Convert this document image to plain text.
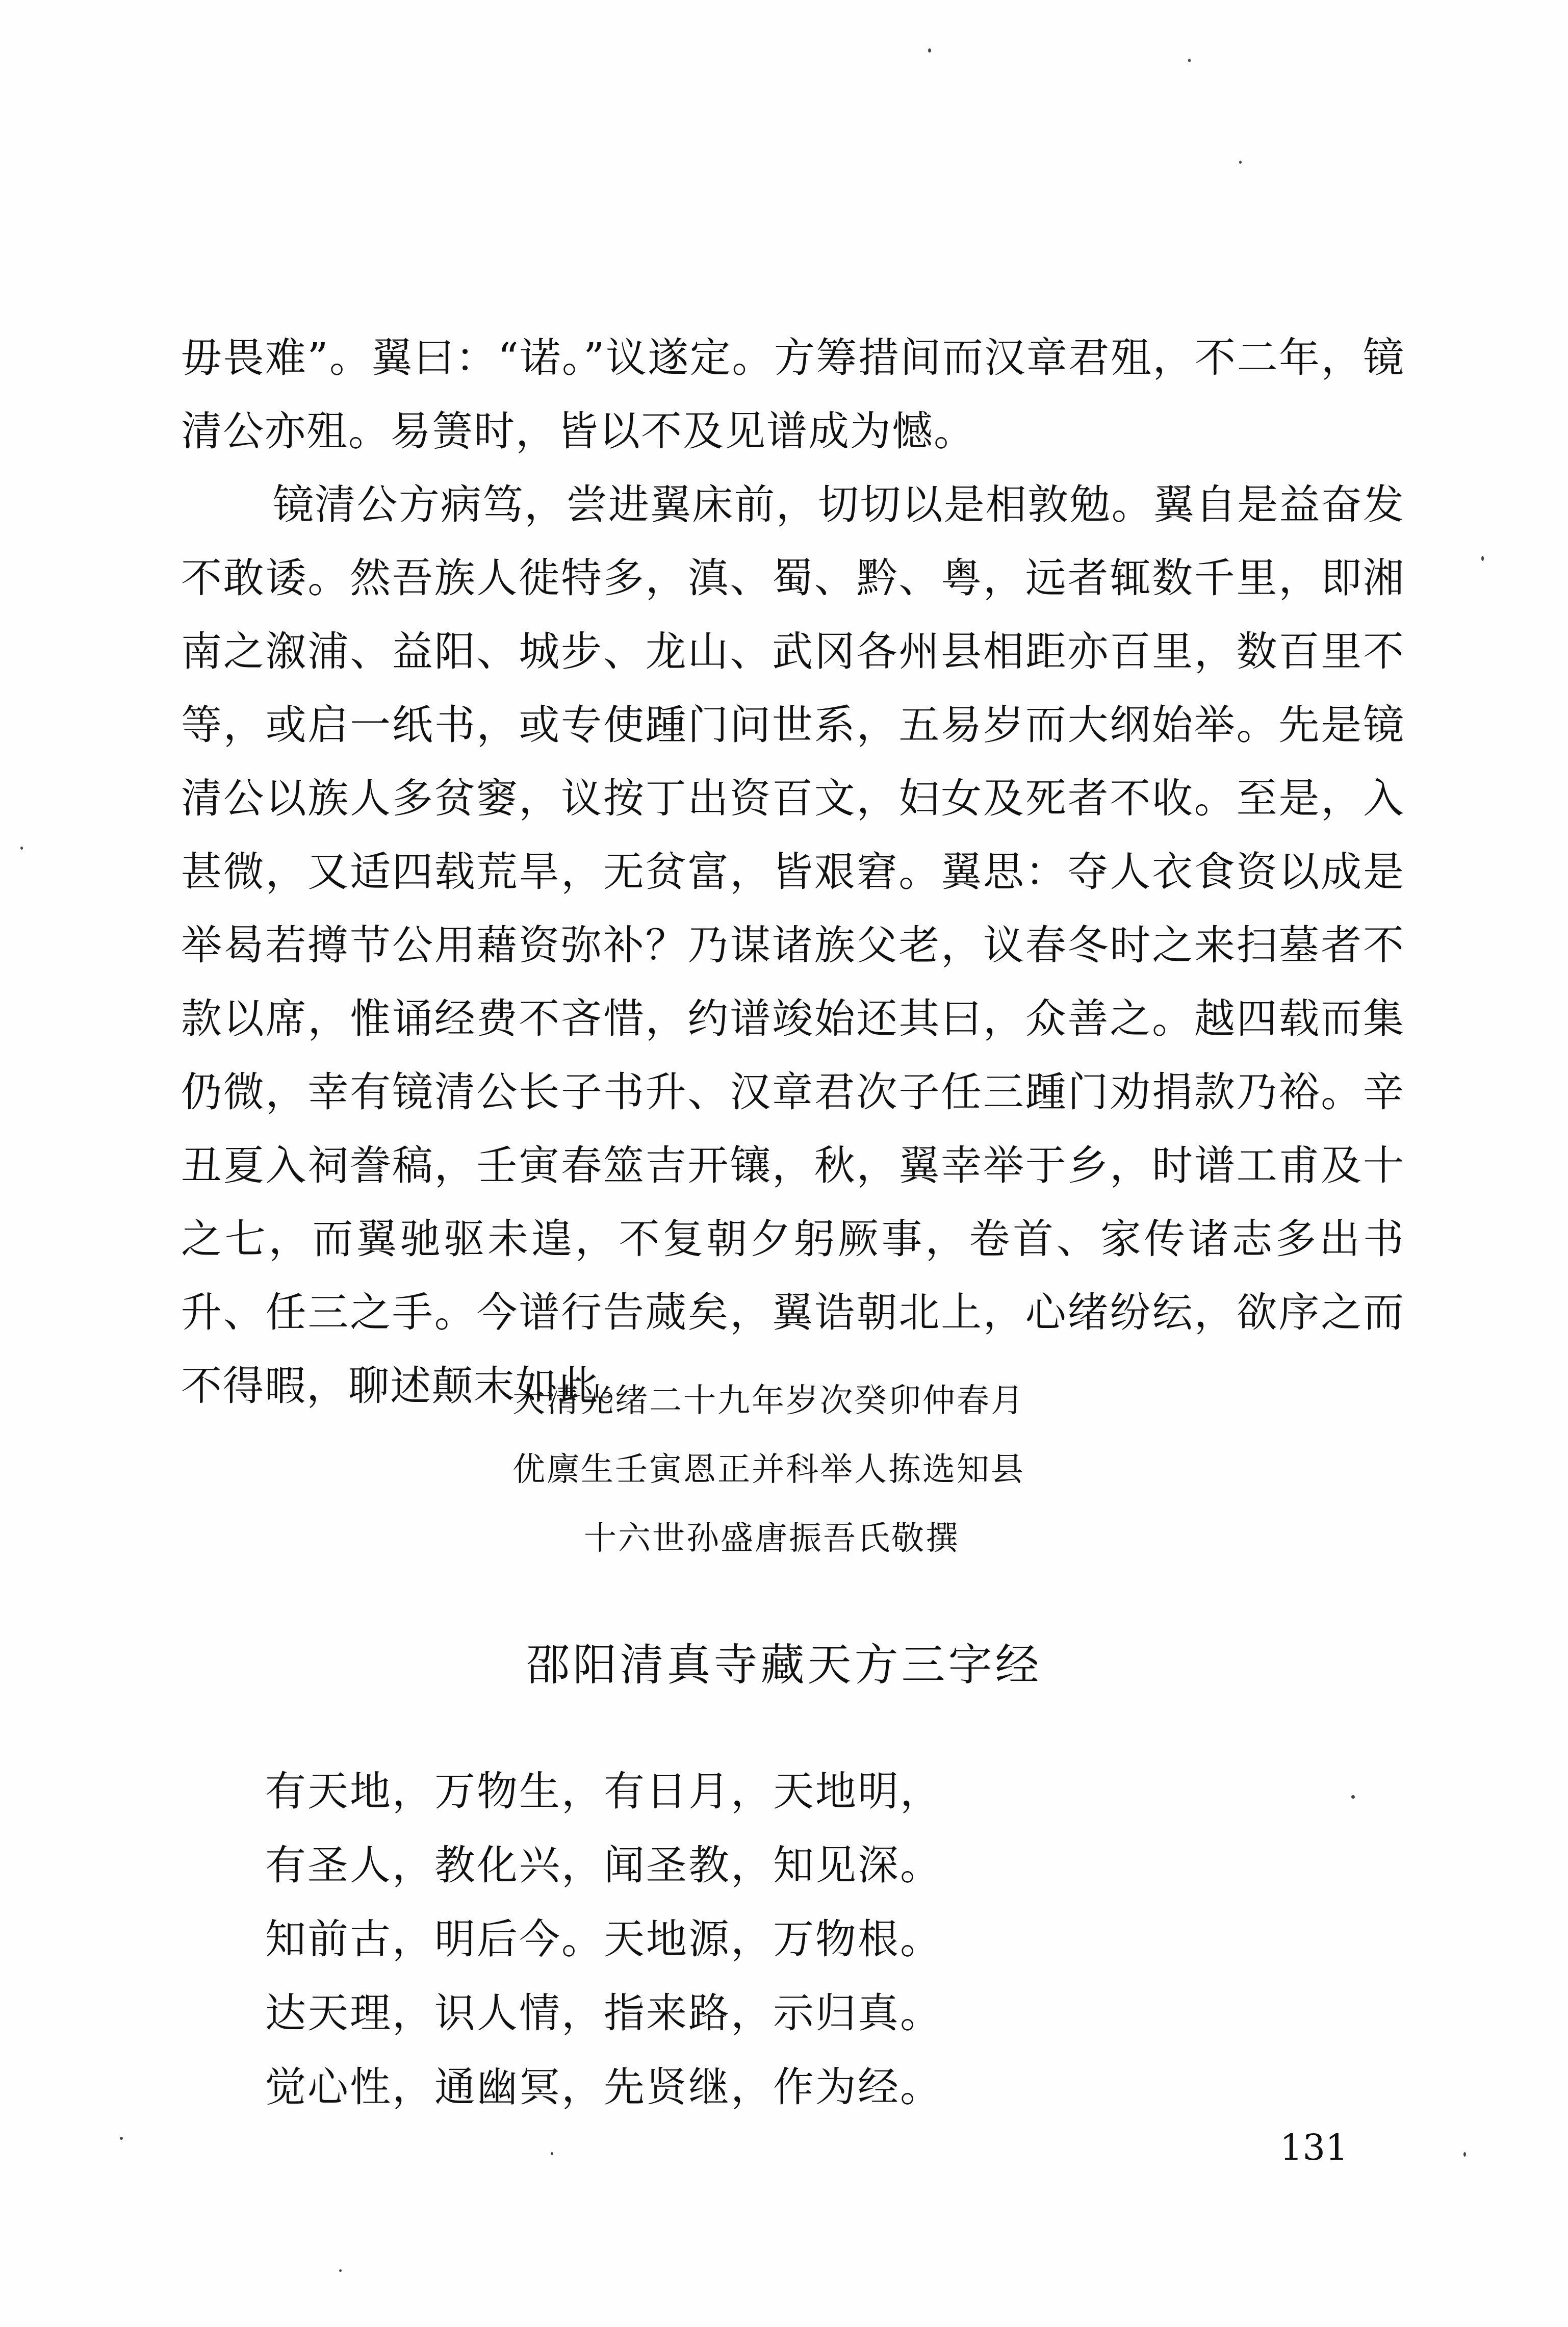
毋畏难”。翼曰：“诺。”议遂定。方筹措间而汉章君殂，不二年，镜清公亦殂。易箦时，皆以不及见谱成为憾。

镜清公方病笃，尝进翼床前，切切以是相敦勉。翼自是益奋发不敢诿。然吾族人徙特多，滇、蜀、黔、粤，远者辄数千里，即湘南之溆浦、益阳、城步、龙山、武冈各州县相距亦百里，数百里不等，或启一纸书，或专使踵门问世系，五易岁而大纲始举。先是镜清公以族人多贫窭，议按丁出资百文，妇女及死者不收。至是，入甚微，又适四载荒旱，无贫富，皆艰窘。翼思：夺人衣食资以成是举曷若撙节公用藉资弥补？乃谋诸族父老，议春冬时之来扫墓者不款以席，惟诵经费不吝惜，约谱竣始还其曰，众善之。越四载而集仍微，幸有镜清公长子书升、汉章君次子任三踵门劝捐款乃裕。辛丑夏入祠誊稿，壬寅春筮吉开镶，秋，翼幸举于乡，时谱工甫及十之七，而翼驰驱未遑，不复朝夕躬厥事，卷首、家传诸志多出书升、任三之手。今谱行告蒇矣，翼诰朝北上，心绪纷纭，欲序之而不得暇，聊述颠末如此。

大清光绪二十九年岁次癸卯仲春月
优廪生壬寅恩正并科举人拣选知县
十六世孙盛唐振吾氏敬撰
邵阳清真寺藏天方三字经
有天地，万物生，有日月，天地明，
有圣人，教化兴，闻圣教，知见深。
知前古，明后今。天地源，万物根。
达天理，识人情，指来路，示归真。
觉心性，通幽冥，先贤继，作为经。
131
